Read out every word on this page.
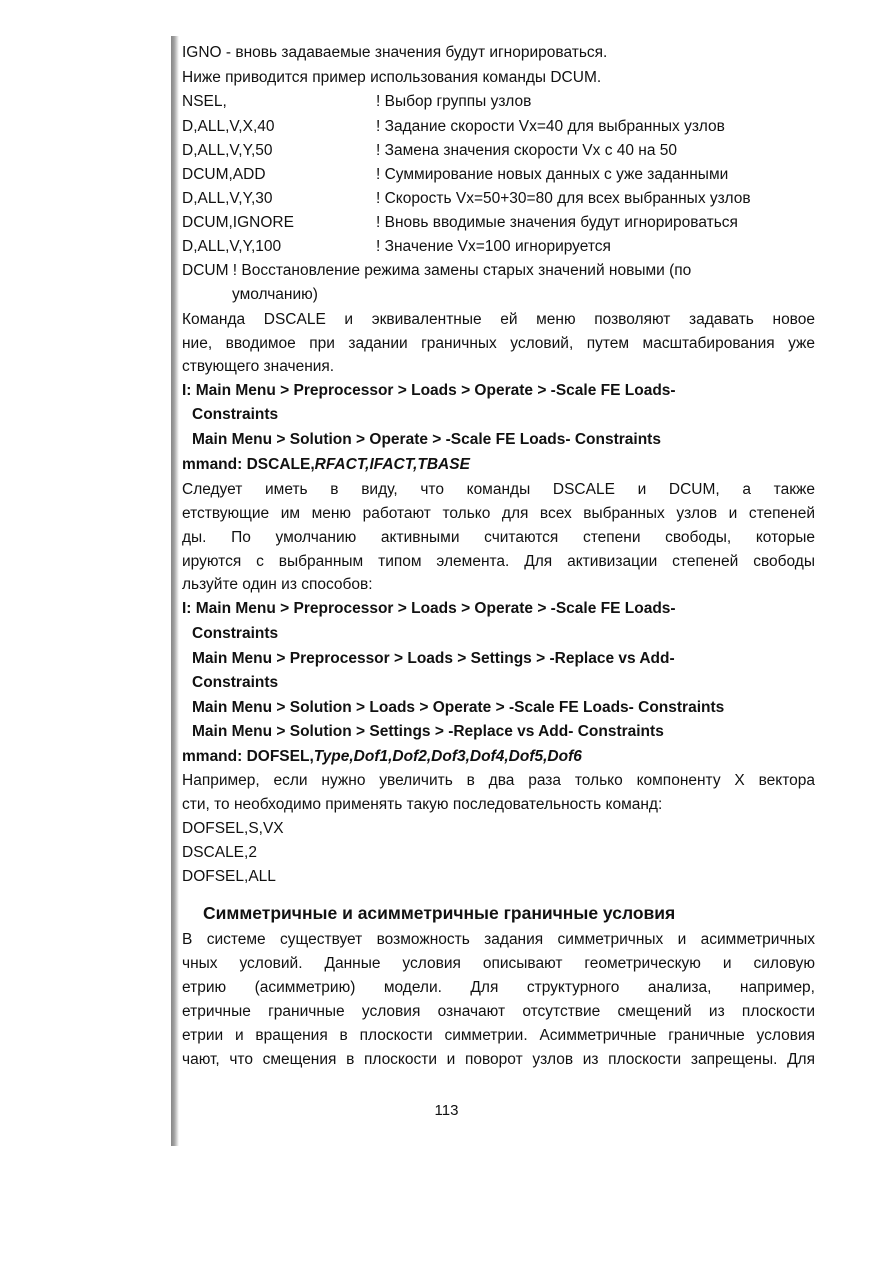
IGNO - вновь задаваемые значения будут игнорироваться.
Ниже приводится пример использования команды DCUM.
NSEL,	! Выбор группы узлов
D,ALL,V,X,40	! Задание скорости Vx=40 для выбранных узлов
D,ALL,V,Y,50	! Замена значения скорости Vx с 40 на 50
DCUM,ADD	! Суммирование новых данных с уже заданными
D,ALL,V,Y,30	! Скорость Vx=50+30=80 для всех выбранных узлов
DCUM,IGNORE	! Вновь вводимые значения будут игнорироваться
D,ALL,V,Y,100	! Значение Vx=100 игнорируется
DCUM ! Восстановление режима замены старых значений новыми (по
умолчанию)
Команда DSCALE и эквивалентные ей меню позволяют задавать новое
ние, вводимое при задании граничных условий, путем масштабирования уже
ствующего значения.
I: Main Menu > Preprocessor > Loads > Operate > -Scale FE Loads-
Constraints
Main Menu > Solution > Operate > -Scale FE Loads- Constraints
mmand: DSCALE,RFACT,IFACT,TBASE
Следует иметь в виду, что команды DSCALE и DCUM, а также
етствующие им меню работают только для всех выбранных узлов и степеней
ды. По умолчанию активными считаются степени свободы, которые
ируются с выбранным типом элемента. Для активизации степеней свободы
льзуйте один из способов:
I: Main Menu > Preprocessor > Loads > Operate > -Scale FE Loads-
Constraints
Main Menu > Preprocessor > Loads > Settings > -Replace vs Add-
Constraints
Main Menu > Solution > Loads > Operate > -Scale FE Loads- Constraints
Main Menu > Solution > Settings > -Replace vs Add- Constraints
mmand: DOFSEL,Type,Dof1,Dof2,Dof3,Dof4,Dof5,Dof6
Например, если нужно увеличить в два раза только компоненту X вектора
сти, то необходимо применять такую последовательность команд:
DOFSEL,S,VX
DSCALE,2
DOFSEL,ALL
Симметричные и асимметричные граничные условия
В системе существует возможность задания симметричных и асимметричных
чных условий. Данные условия описывают геометрическую и силовую
етрию (асимметрию) модели. Для структурного анализа, например,
етричные граничные условия означают отсутствие смещений из плоскости
етрии и вращения в плоскости симметрии. Асимметричные граничные условия
чают, что смещения в плоскости и поворот узлов из плоскости запрещены. Для
113
